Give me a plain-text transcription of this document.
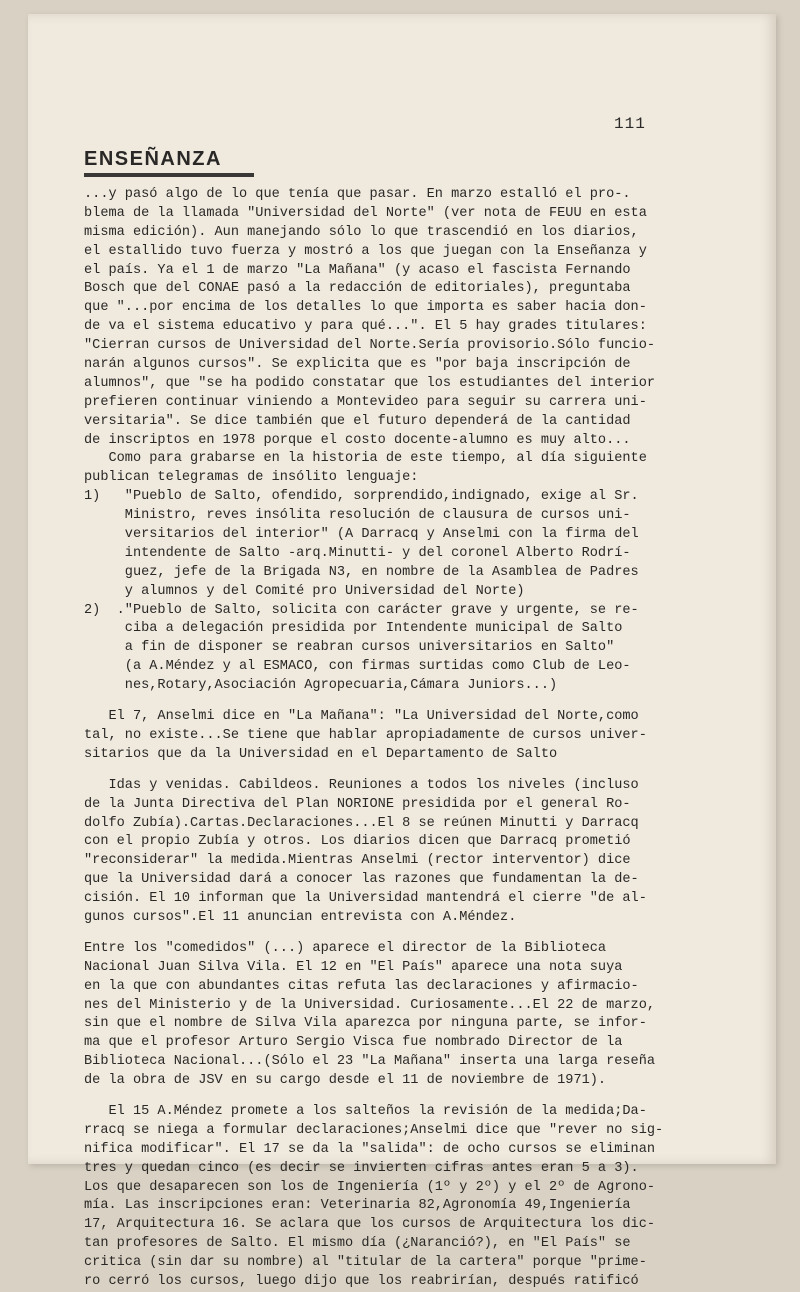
111
ENSEÑANZA
...y pasó algo de lo que tenía que pasar. En marzo estalló el pro-.
blema de la llamada "Universidad del Norte" (ver nota de FEUU en esta
misma edición). Aun manejando sólo lo que trascendió en los diarios,
el estallido tuvo fuerza y mostró a los que juegan con la Enseñanza y
el país. Ya el 1 de marzo "La Mañana" (y acaso el fascista Fernando
Bosch que del CONAE pasó a la redacción de editoriales), preguntaba
que "...por encima de los detalles lo que importa es saber hacia don-
de va el sistema educativo y para qué...". El 5 hay grades titulares:
"Cierran cursos de Universidad del Norte.Sería provisorio.Sólo funcio-
narán algunos cursos". Se explicita que es "por baja inscripción de
alumnos", que "se ha podido constatar que los estudiantes del interior
prefieren continuar viniendo a Montevideo para seguir su carrera uni-
versitaria". Se dice también que el futuro dependerá de la cantidad
de inscriptos en 1978 porque el costo docente-alumno es muy alto...
Como para grabarse en la historia de este tiempo, al día siguiente
publican telegramas de insólito lenguaje:
1)   "Pueblo de Salto, ofendido, sorprendido,indignado, exige al Sr.
Ministro, reves insólita resolución de clausura de cursos uni-
versitarios del interior" (A Darracq y Anselmi con la firma del
intendente de Salto -arq.Minutti- y del coronel Alberto Rodrí-
guez, jefe de la Brigada N3, en nombre de la Asamblea de Padres
y alumnos y del Comité pro Universidad del Norte)
2)  ."Pueblo de Salto, solicita con carácter grave y urgente, se re-
ciba a delegación presidida por Intendente municipal de Salto
a fin de disponer se reabran cursos universitarios en Salto"
(a A.Méndez y al ESMACO, con firmas surtidas como Club de Leo-
nes,Rotary,Asociación Agropecuaria,Cámara Juniors...)
El 7, Anselmi dice en "La Mañana": "La Universidad del Norte,como
tal, no existe...Se tiene que hablar apropiadamente de cursos univer-
sitarios que da la Universidad en el Departamento de Salto
Idas y venidas. Cabildeos. Reuniones a todos los niveles (incluso
de la Junta Directiva del Plan NORIONE presidida por el general Ro-
dolfo Zubía).Cartas.Declaraciones...El 8 se reúnen Minutti y Darracq
con el propio Zubía y otros. Los diarios dicen que Darracq prometió
"reconsiderar" la medida.Mientras Anselmi (rector interventor) dice
que la Universidad dará a conocer las razones que fundamentan la de-
cisión. El 10 informan que la Universidad mantendrá el cierre "de al-
gunos cursos".El 11 anuncian entrevista con A.Méndez.
Entre los "comedidos" (...) aparece el director de la Biblioteca
Nacional Juan Silva Vila. El 12 en "El País" aparece una nota suya
en la que con abundantes citas refuta las declaraciones y afirmacio-
nes del Ministerio y de la Universidad. Curiosamente...El 22 de marzo,
sin que el nombre de Silva Vila aparezca por ninguna parte, se infor-
ma que el profesor Arturo Sergio Visca fue nombrado Director de la
Biblioteca Nacional...(Sólo el 23 "La Mañana" inserta una larga reseña
de la obra de JSV en su cargo desde el 11 de noviembre de 1971).
El 15 A.Méndez promete a los salteños la revisión de la medida;Da-
rracq se niega a formular declaraciones;Anselmi dice que "rever no sig-
nifica modificar". El 17 se da la "salida": de ocho cursos se eliminan
tres y quedan cinco (es decir se invierten cifras antes eran 5 a 3).
Los que desaparecen son los de Ingeniería (1º y 2º) y el 2º de Agrono-
mía. Las inscripciones eran: Veterinaria 82,Agronomía 49,Ingeniería
17, Arquitectura 16. Se aclara que los cursos de Arquitectura los dic-
tan profesores de Salto. El mismo día (¿Naranció?), en "El País" se
critica (sin dar su nombre) al "titular de la cartera" porque "prime-
ro cerró los cursos, luego dijo que los reabrirían, después ratificó
